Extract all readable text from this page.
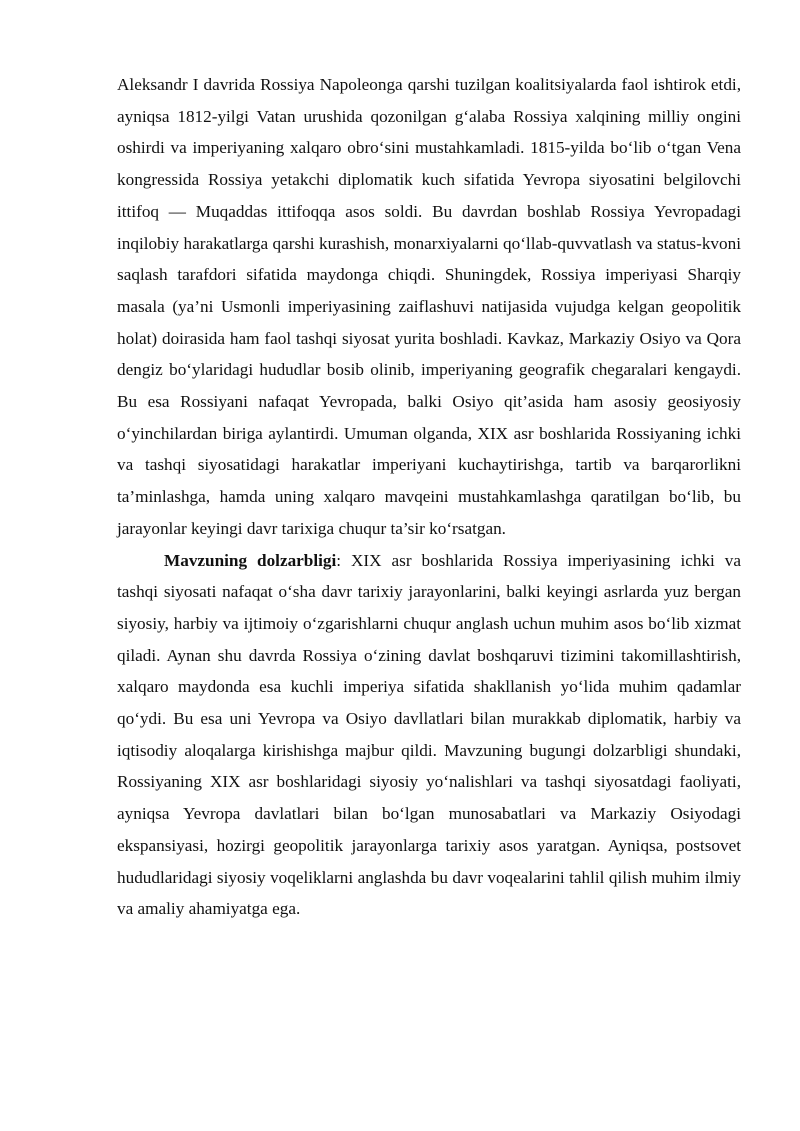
Aleksandr I davrida Rossiya Napoleonga qarshi tuzilgan koalitsiyalarda faol ishtirok etdi, ayniqsa 1812-yilgi Vatan urushida qozonilgan g‘alaba Rossiya xalqining milliy ongini oshirdi va imperiyaning xalqaro obro‘sini mustahkamladi. 1815-yilda bo‘lib o‘tgan Vena kongressida Rossiya yetakchi diplomatik kuch sifatida Yevropa siyosatini belgilovchi ittifoq — Muqaddas ittifoqqa asos soldi. Bu davrdan boshlab Rossiya Yevropadagi inqilobiy harakatlarga qarshi kurashish, monarxiyalarni qo‘llab-quvvatlash va status-kvoni saqlash tarafdori sifatida maydonga chiqdi. Shuningdek, Rossiya imperiyasi Sharqiy masala (ya’ni Usmonli imperiyasining zaiflashuvi natijasida vujudga kelgan geopolitik holat) doirasida ham faol tashqi siyosat yurita boshladi. Kavkaz, Markaziy Osiyo va Qora dengiz bo‘ylaridagi hududlar bosib olinib, imperiyaning geografik chegaralari kengaydi. Bu esa Rossiyani nafaqat Yevropada, balki Osiyo qit’asida ham asosiy geosiyosiy o‘yinchilardan biriga aylantirdi. Umuman olganda, XIX asr boshlarida Rossiyaning ichki va tashqi siyosatidagi harakatlar imperiyani kuchaytirishga, tartib va barqarorlikni ta’minlashga, hamda uning xalqaro mavqeini mustahkamlashga qaratilgan bo‘lib, bu jarayonlar keyingi davr tarixiga chuqur ta’sir ko‘rsatgan.

Mavzuning dolzarbligi: XIX asr boshlarida Rossiya imperiyasining ichki va tashqi siyosati nafaqat o‘sha davr tarixiy jarayonlarini, balki keyingi asrlarda yuz bergan siyosiy, harbiy va ijtimoiy o‘zgarishlarni chuqur anglash uchun muhim asos bo‘lib xizmat qiladi. Aynan shu davrda Rossiya o‘zining davlat boshqaruvi tizimini takomillashtirish, xalqaro maydonda esa kuchli imperiya sifatida shakllanish yo‘lida muhim qadamlar qo‘ydi. Bu esa uni Yevropa va Osiyo davllatlari bilan murakkab diplomatik, harbiy va iqtisodiy aloqalarga kirishishga majbur qildi. Mavzuning bugungi dolzarbligi shundaki, Rossiyaning XIX asr boshlaridagi siyosiy yo‘nalishlari va tashqi siyosatdagi faoliyati, ayniqsa Yevropa davlatlari bilan bo‘lgan munosabatlari va Markaziy Osiyodagi ekspansiyasi, hozirgi geopolitik jarayonlarga tarixiy asos yaratgan. Ayniqsa, postsovet hududlaridagi siyosiy voqeliklarni anglashda bu davr voqealarini tahlil qilish muhim ilmiy va amaliy ahamiyatga ega.
